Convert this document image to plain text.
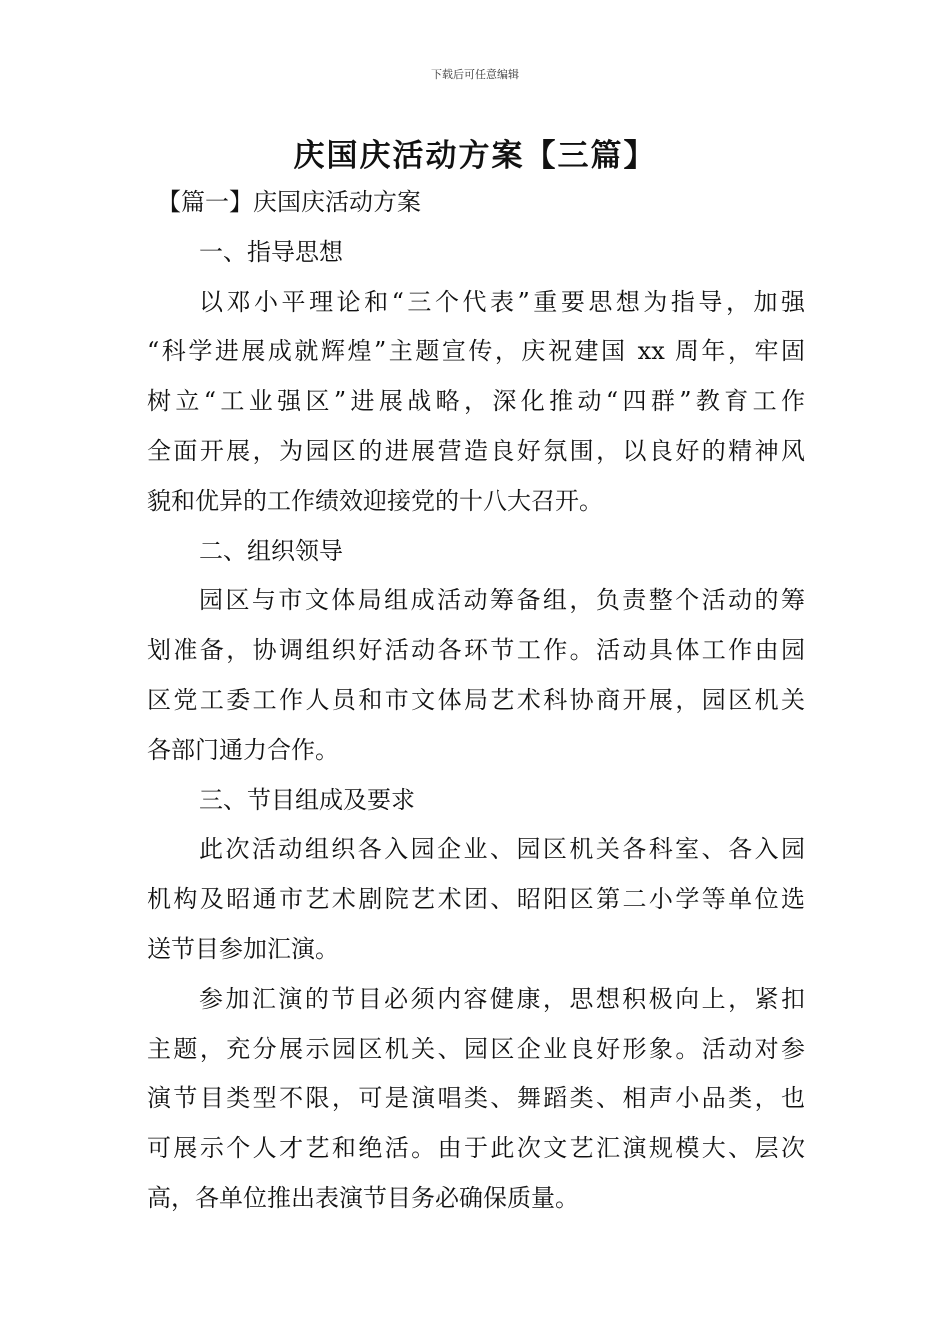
下载后可任意编辑
庆国庆活动方案【三篇】
【篇一】庆国庆活动方案
一、指导思想
以邓小平理论和“三个代表”重要思想为指导，加强
“科学进展成就辉煌”主题宣传，庆祝建国 xx 周年，牢固
树立“工业强区”进展战略，深化推动“四群”教育工作
全面开展，为园区的进展营造良好氛围，以良好的精神风
貌和优异的工作绩效迎接党的十八大召开。
二、组织领导
园区与市文体局组成活动筹备组，负责整个活动的筹
划准备，协调组织好活动各环节工作。活动具体工作由园
区党工委工作人员和市文体局艺术科协商开展，园区机关
各部门通力合作。
三、节目组成及要求
此次活动组织各入园企业、园区机关各科室、各入园
机构及昭通市艺术剧院艺术团、昭阳区第二小学等单位选
送节目参加汇演。
参加汇演的节目必须内容健康，思想积极向上，紧扣
主题，充分展示园区机关、园区企业良好形象。活动对参
演节目类型不限，可是演唱类、舞蹈类、相声小品类，也
可展示个人才艺和绝活。由于此次文艺汇演规模大、层次
高，各单位推出表演节目务必确保质量。
